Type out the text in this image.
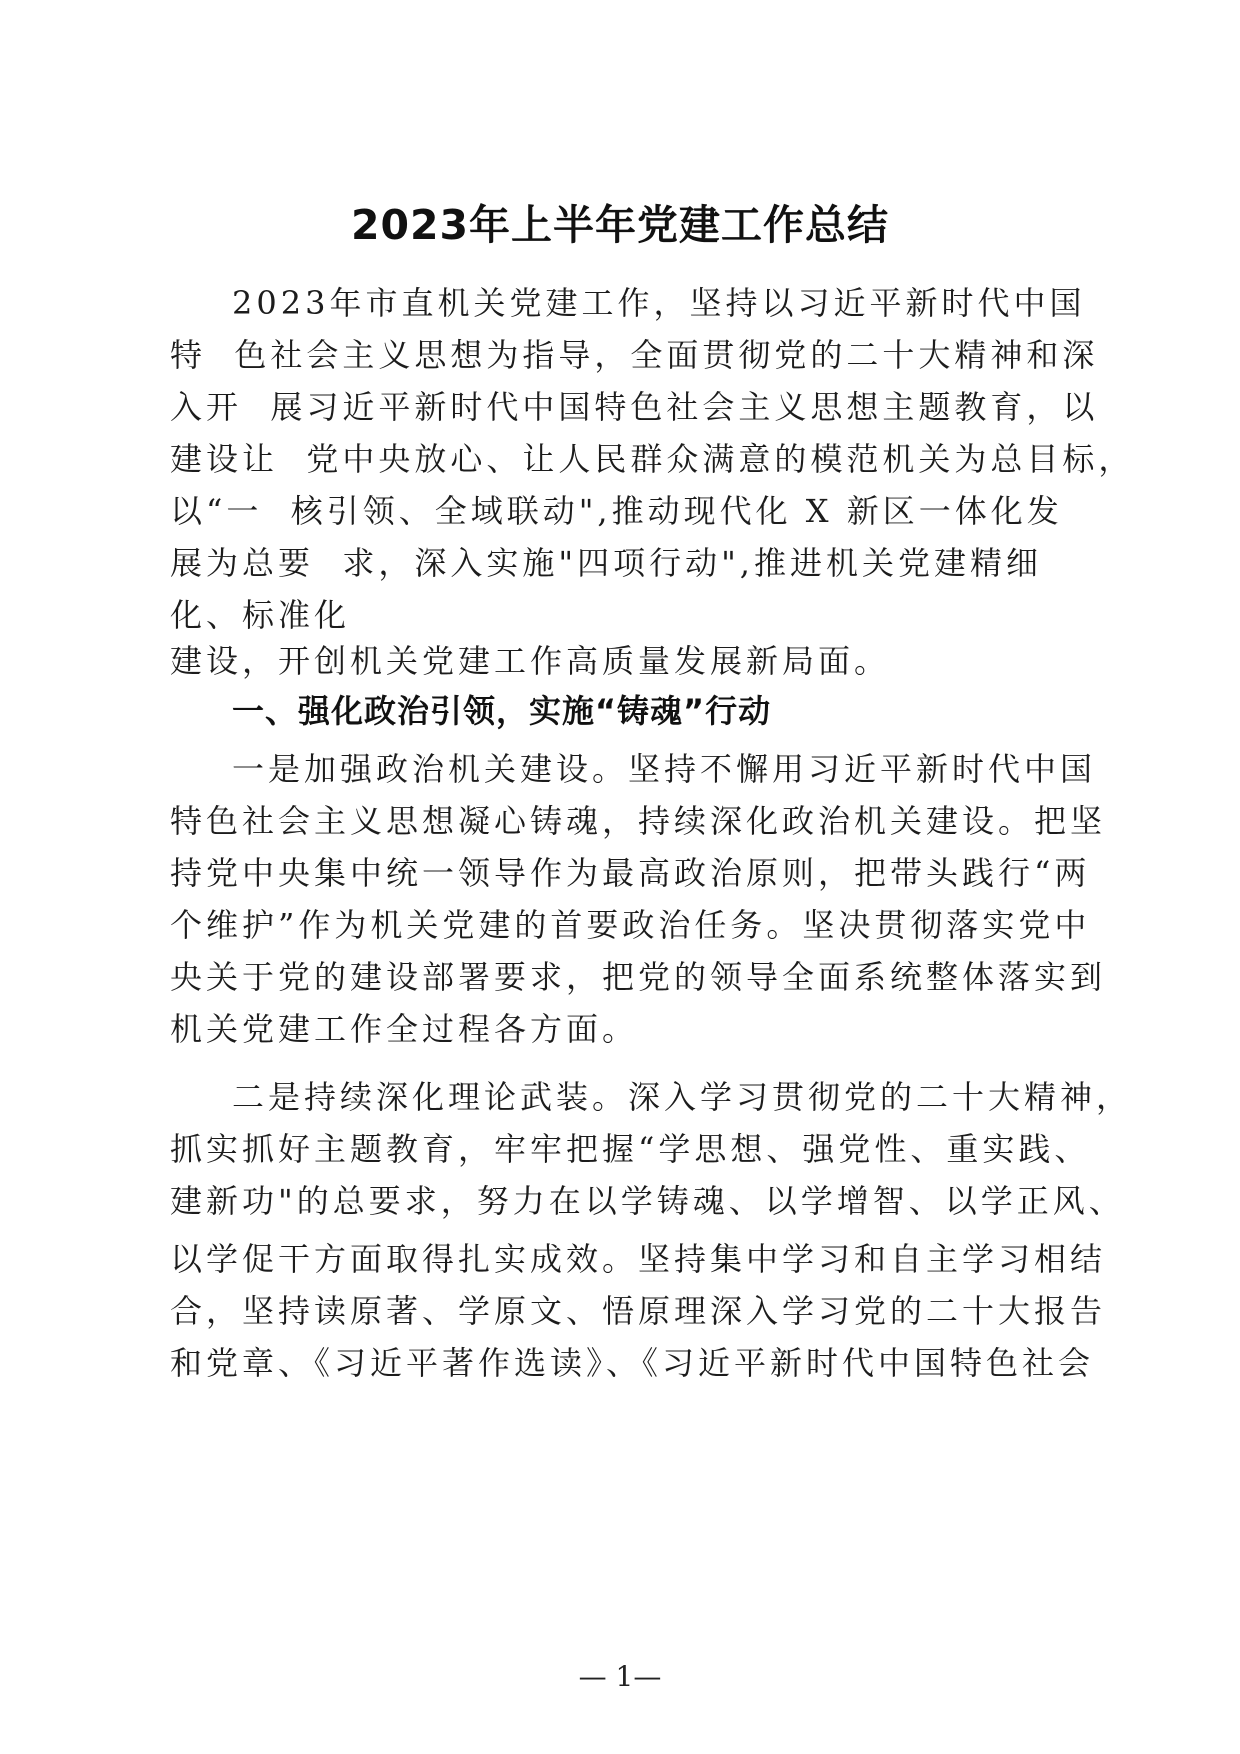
2023年上半年党建工作总结
2023年市直机关党建工作，坚持以习近平新时代中国
特  色社会主义思想为指导，全面贯彻党的二十大精神和深
入开  展习近平新时代中国特色社会主义思想主题教育，以
建设让  党中央放心、让人民群众满意的模范机关为总目标，
以“一  核引领、全域联动",推动现代化 X 新区一体化发
展为总要  求，深入实施"四项行动",推进机关党建精细
化、标准化
建设，开创机关党建工作高质量发展新局面。
一、强化政治引领，实施“铸魂”行动
一是加强政治机关建设。坚持不懈用习近平新时代中国
特色社会主义思想凝心铸魂，持续深化政治机关建设。把坚
持党中央集中统一领导作为最高政治原则，把带头践行“两
个维护”作为机关党建的首要政治任务。坚决贯彻落实党中
央关于党的建设部署要求，把党的领导全面系统整体落实到
机关党建工作全过程各方面。
二是持续深化理论武装。深入学习贯彻党的二十大精神，
抓实抓好主题教育，牢牢把握“学思想、强党性、重实践、
建新功"的总要求，努力在以学铸魂、以学增智、以学正风、
以学促干方面取得扎实成效。坚持集中学习和自主学习相结
合，坚持读原著、学原文、悟原理深入学习党的二十大报告
和党章、《习近平著作选读》、《习近平新时代中国特色社会
— 1—
